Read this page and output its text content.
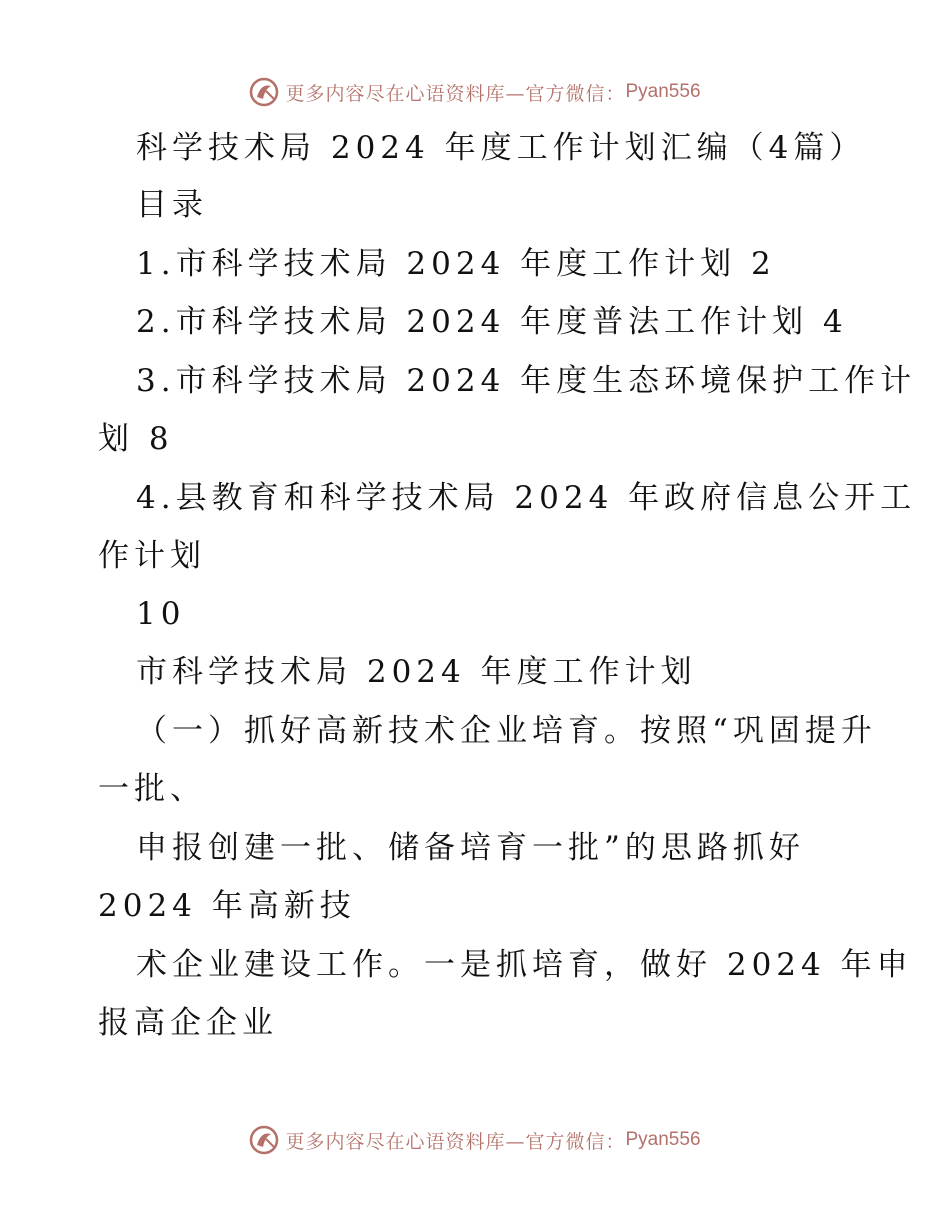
更多内容尽在心语资料库—官方微信： Pyan556
科学技术局 2024 年度工作计划汇编（4篇）
目录
1.市科学技术局 2024 年度工作计划 2
2.市科学技术局 2024 年度普法工作计划 4
3.市科学技术局 2024 年度生态环境保护工作计
划 8
4.县教育和科学技术局 2024 年政府信息公开工
作计划
10
市科学技术局 2024 年度工作计划
（一）抓好高新技术企业培育。按照“巩固提升
一批、
申报创建一批、储备培育一批”的思路抓好
2024 年高新技
术企业建设工作。一是抓培育，做好 2024 年申
报高企企业
更多内容尽在心语资料库—官方微信： Pyan556
